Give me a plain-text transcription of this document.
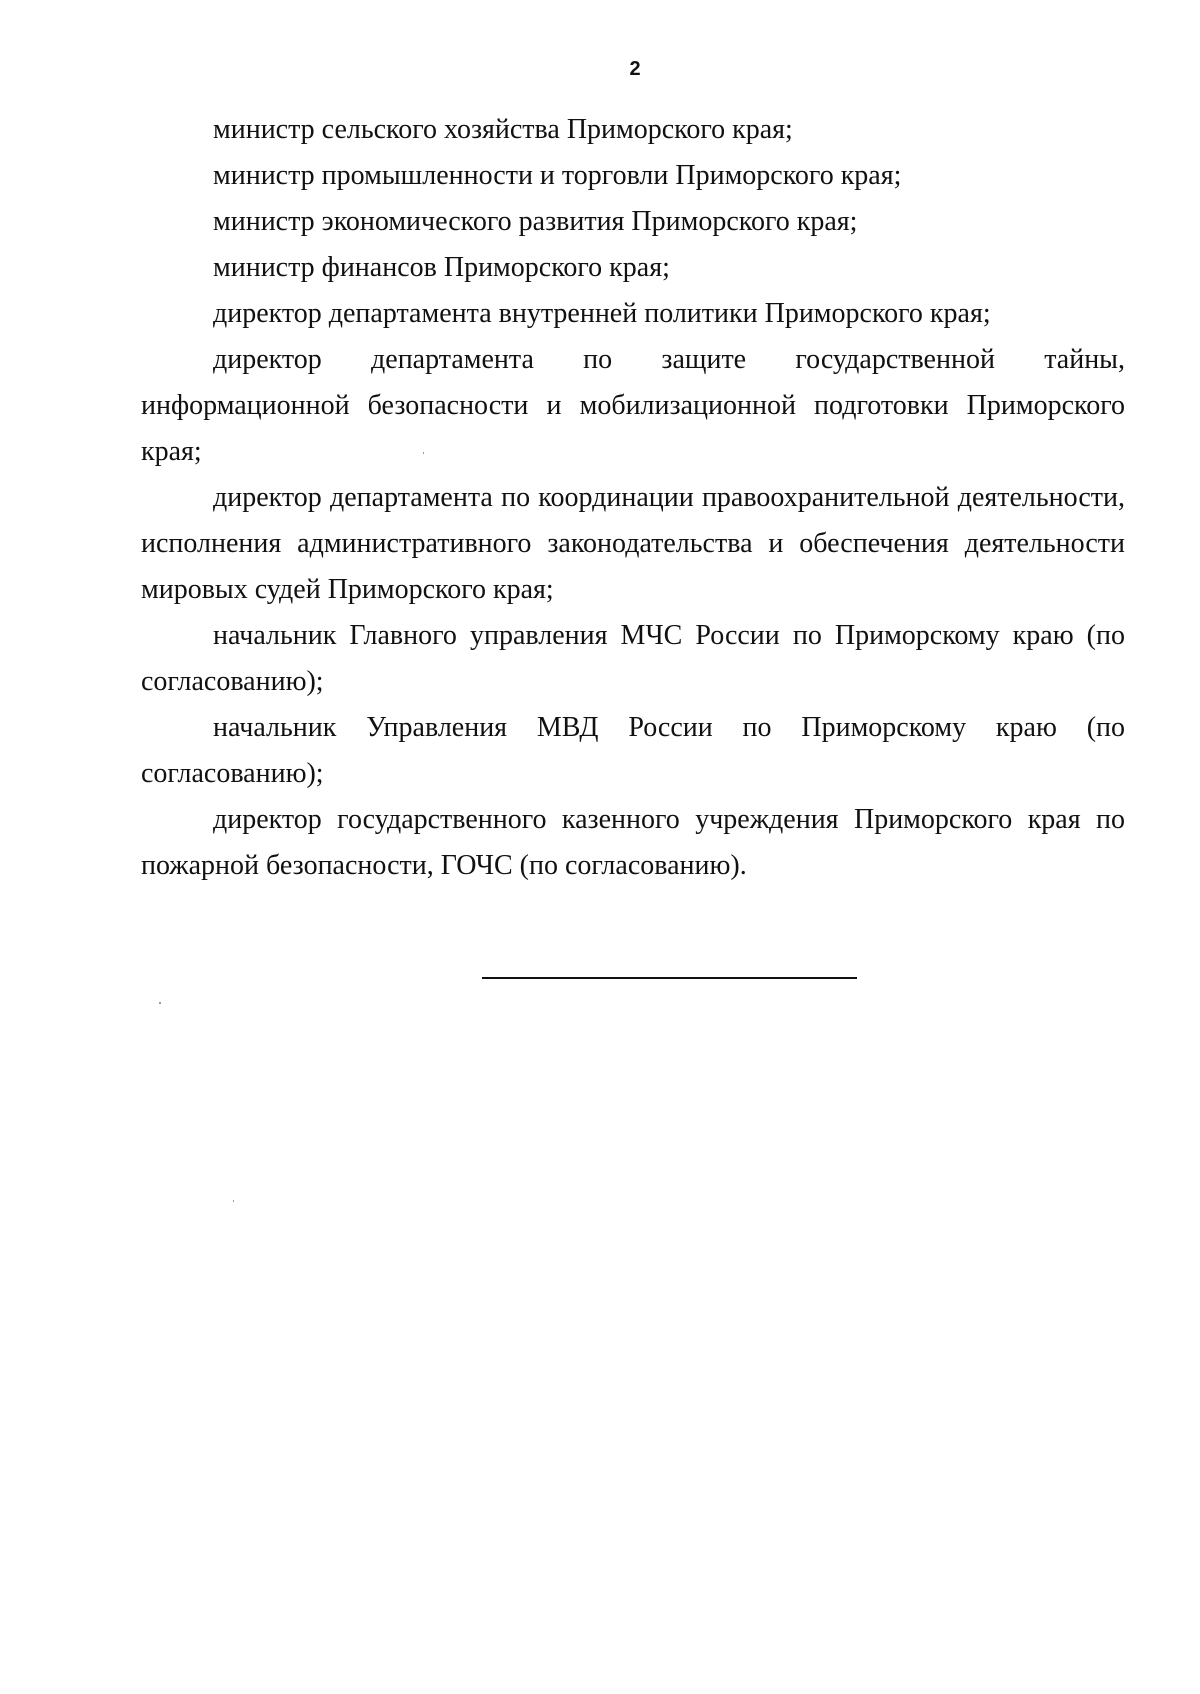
2

министр сельского хозяйства Приморского края;

министр промышленности и торговли Приморского края;

министр экономического развития Приморского края;

министр финансов Приморского края;

директор департамента внутренней политики Приморского края;

директор департамента по защите государственной тайны, информационной безопасности и мобилизационной подготовки Приморского края;

директор департамента по координации правоохранительной деятельности, исполнения административного законодательства и обеспечения деятельности мировых судей Приморского края;

начальник Главного управления МЧС России по Приморскому краю (по согласованию);

начальник Управления МВД России по Приморскому краю (по согласованию);

директор государственного казенного учреждения Приморского края по пожарной безопасности, ГОЧС (по согласованию).
